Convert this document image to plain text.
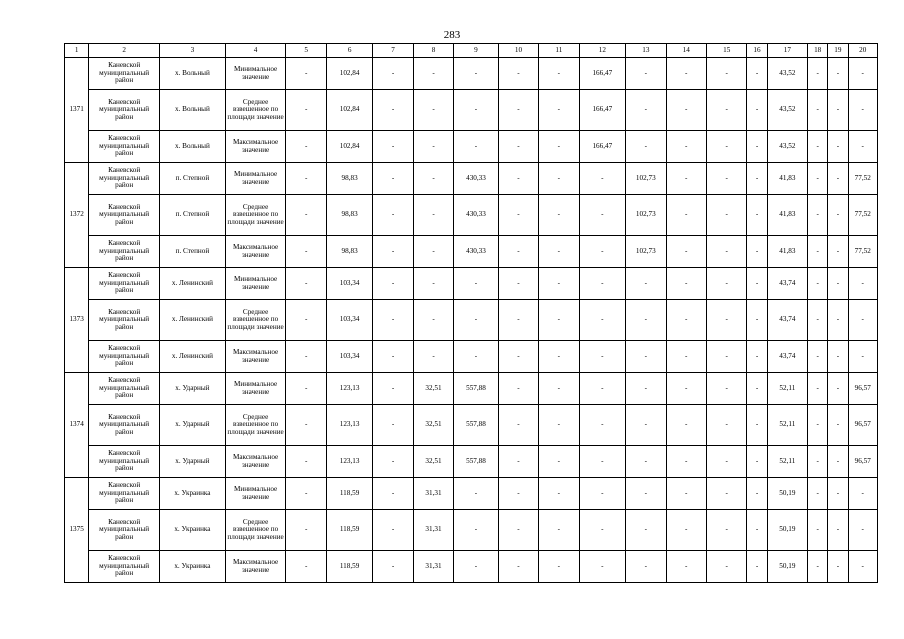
283
1	2	3	4	5	6	7	8	9	10	11	12	13	14	15	16	17	18	19	20
1371	Каневской муниципальный район	х. Вольный	Минимальное значение	-	102,84	-	-	-	-	-	166,47	-	-	-	-	43,52	-	-	-
	Каневской муниципальный район	х. Вольный	Среднее взвешенное по площади значение	-	102,84	-	-	-	-	-	166,47	-	-	-	-	43,52	-	-	-
	Каневской муниципальный район	х. Вольный	Максимальное значение	-	102,84	-	-	-	-	-	166,47	-	-	-	-	43,52	-	-	-
1372	Каневской муниципальный район	п. Степной	Минимальное значение	-	98,83	-	-	430,33	-	-	-	102,73	-	-	-	41,83	-	-	77,52
	Каневской муниципальный район	п. Степной	Среднее взвешенное по площади значение	-	98,83	-	-	430,33	-	-	-	102,73	-	-	-	41,83	-	-	77,52
	Каневской муниципальный район	п. Степной	Максимальное значение	-	98,83	-	-	430,33	-	-	-	102,73	-	-	-	41,83	-	-	77,52
1373	Каневской муниципальный район	х. Ленинский	Минимальное значение	-	103,34	-	-	-	-	-	-	-	-	-	-	43,74	-	-	-
	Каневской муниципальный район	х. Ленинский	Среднее взвешенное по площади значение	-	103,34	-	-	-	-	-	-	-	-	-	-	43,74	-	-	-
	Каневской муниципальный район	х. Ленинский	Максимальное значение	-	103,34	-	-	-	-	-	-	-	-	-	-	43,74	-	-	-
1374	Каневской муниципальный район	х. Ударный	Минимальное значение	-	123,13	-	32,51	557,88	-	-	-	-	-	-	-	52,11	-	-	96,57
	Каневской муниципальный район	х. Ударный	Среднее взвешенное по площади значение	-	123,13	-	32,51	557,88	-	-	-	-	-	-	-	52,11	-	-	96,57
	Каневской муниципальный район	х. Ударный	Максимальное значение	-	123,13	-	32,51	557,88	-	-	-	-	-	-	-	52,11	-	-	96,57
1375	Каневской муниципальный район	х. Украинка	Минимальное значение	-	118,59	-	31,31	-	-	-	-	-	-	-	-	50,19	-	-	-
	Каневской муниципальный район	х. Украинка	Среднее взвешенное по площади значение	-	118,59	-	31,31	-	-	-	-	-	-	-	-	50,19	-	-	-
	Каневской муниципальный район	х. Украинка	Максимальное значение	-	118,59	-	31,31	-	-	-	-	-	-	-	-	50,19	-	-	-
